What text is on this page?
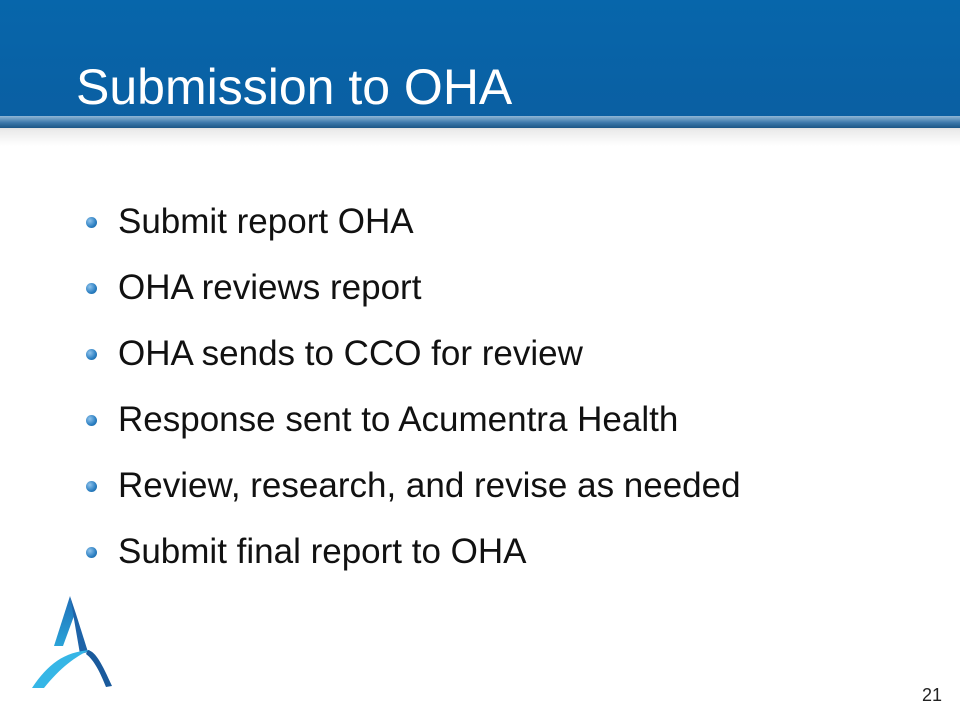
Submission to OHA
Submit report OHA
OHA reviews report
OHA sends to CCO for review
Response sent to Acumentra Health
Review, research, and revise as needed
Submit final report to OHA
21
